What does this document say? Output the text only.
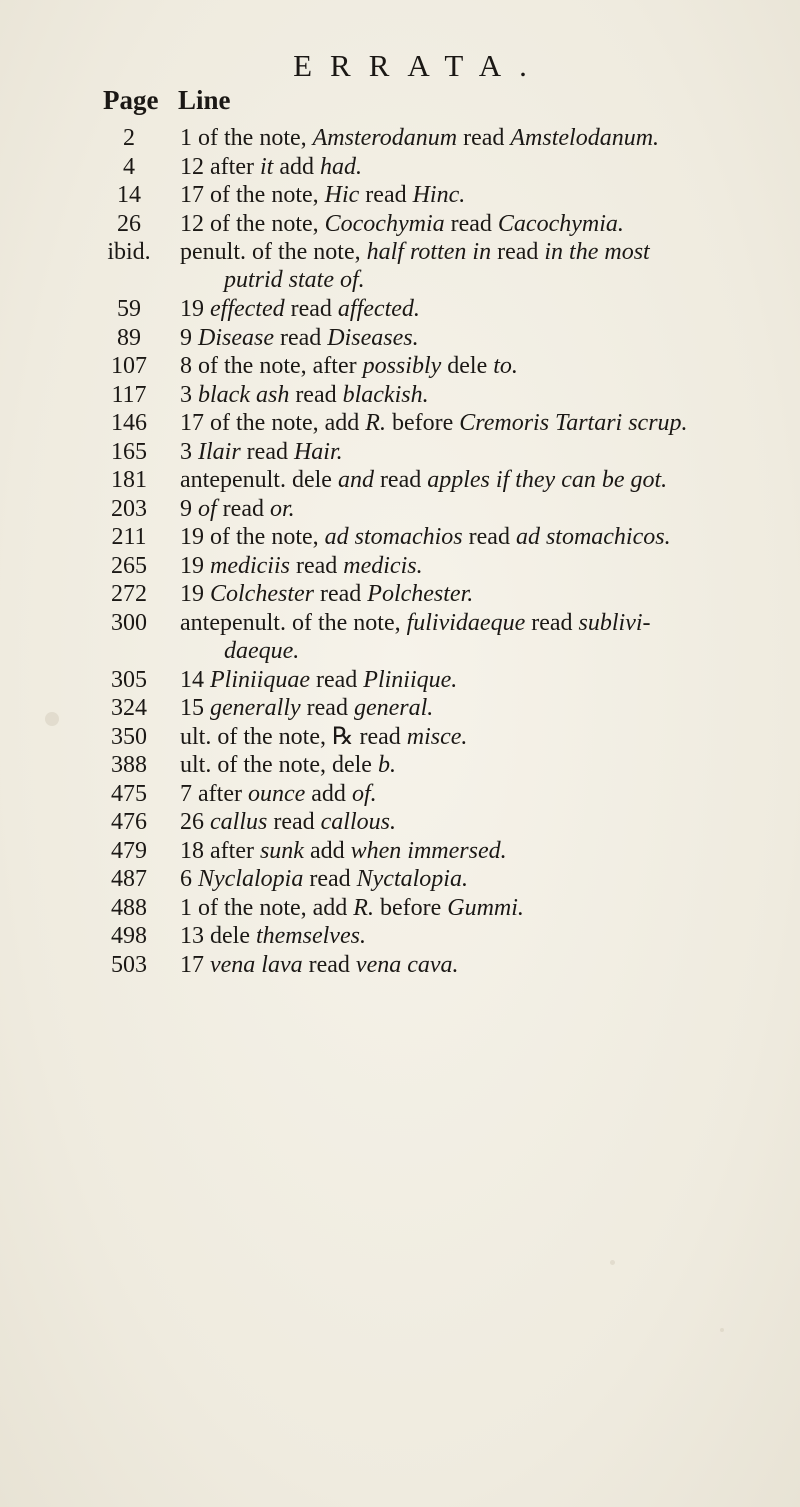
ERRATA.
Page Line
2	1 of the note, Amsterodanum read Amstelodanum.
4	12 after it add had.
14	17 of the note, Hic read Hinc.
26	12 of the note, Cocochymia read Cacochymia.
ibid.	penult. of the note, half rotten in read in the most
putrid state of.
59	19 effected read affected.
89	9 Disease read Diseases.
107	8 of the note, after possibly dele to.
117	3 black ash read blackish.
146	17 of the note, add R. before Cremoris Tartari scrup.
165	3 Ilair read Hair.
181	antepenult. dele and read apples if they can be got.
203	9 of read or.
211	19 of the note, ad stomachios read ad stomachicos.
265	19 mediciis read medicis.
272	19 Colchester read Polchester.
300	antepenult. of the note, fulividaeque read sublivi-
daeque.
305	14 Pliniiquae read Pliniique.
324	15 generally read general.
350	ult. of the note, ℞ read misce.
388	ult. of the note, dele b.
475	7 after ounce add of.
476	26 callus read callous.
479	18 after sunk add when immersed.
487	6 Nyclalopia read Nyctalopia.
488	1 of the note, add R. before Gummi.
498	13 dele themselves.
503	17 vena lava read vena cava.
